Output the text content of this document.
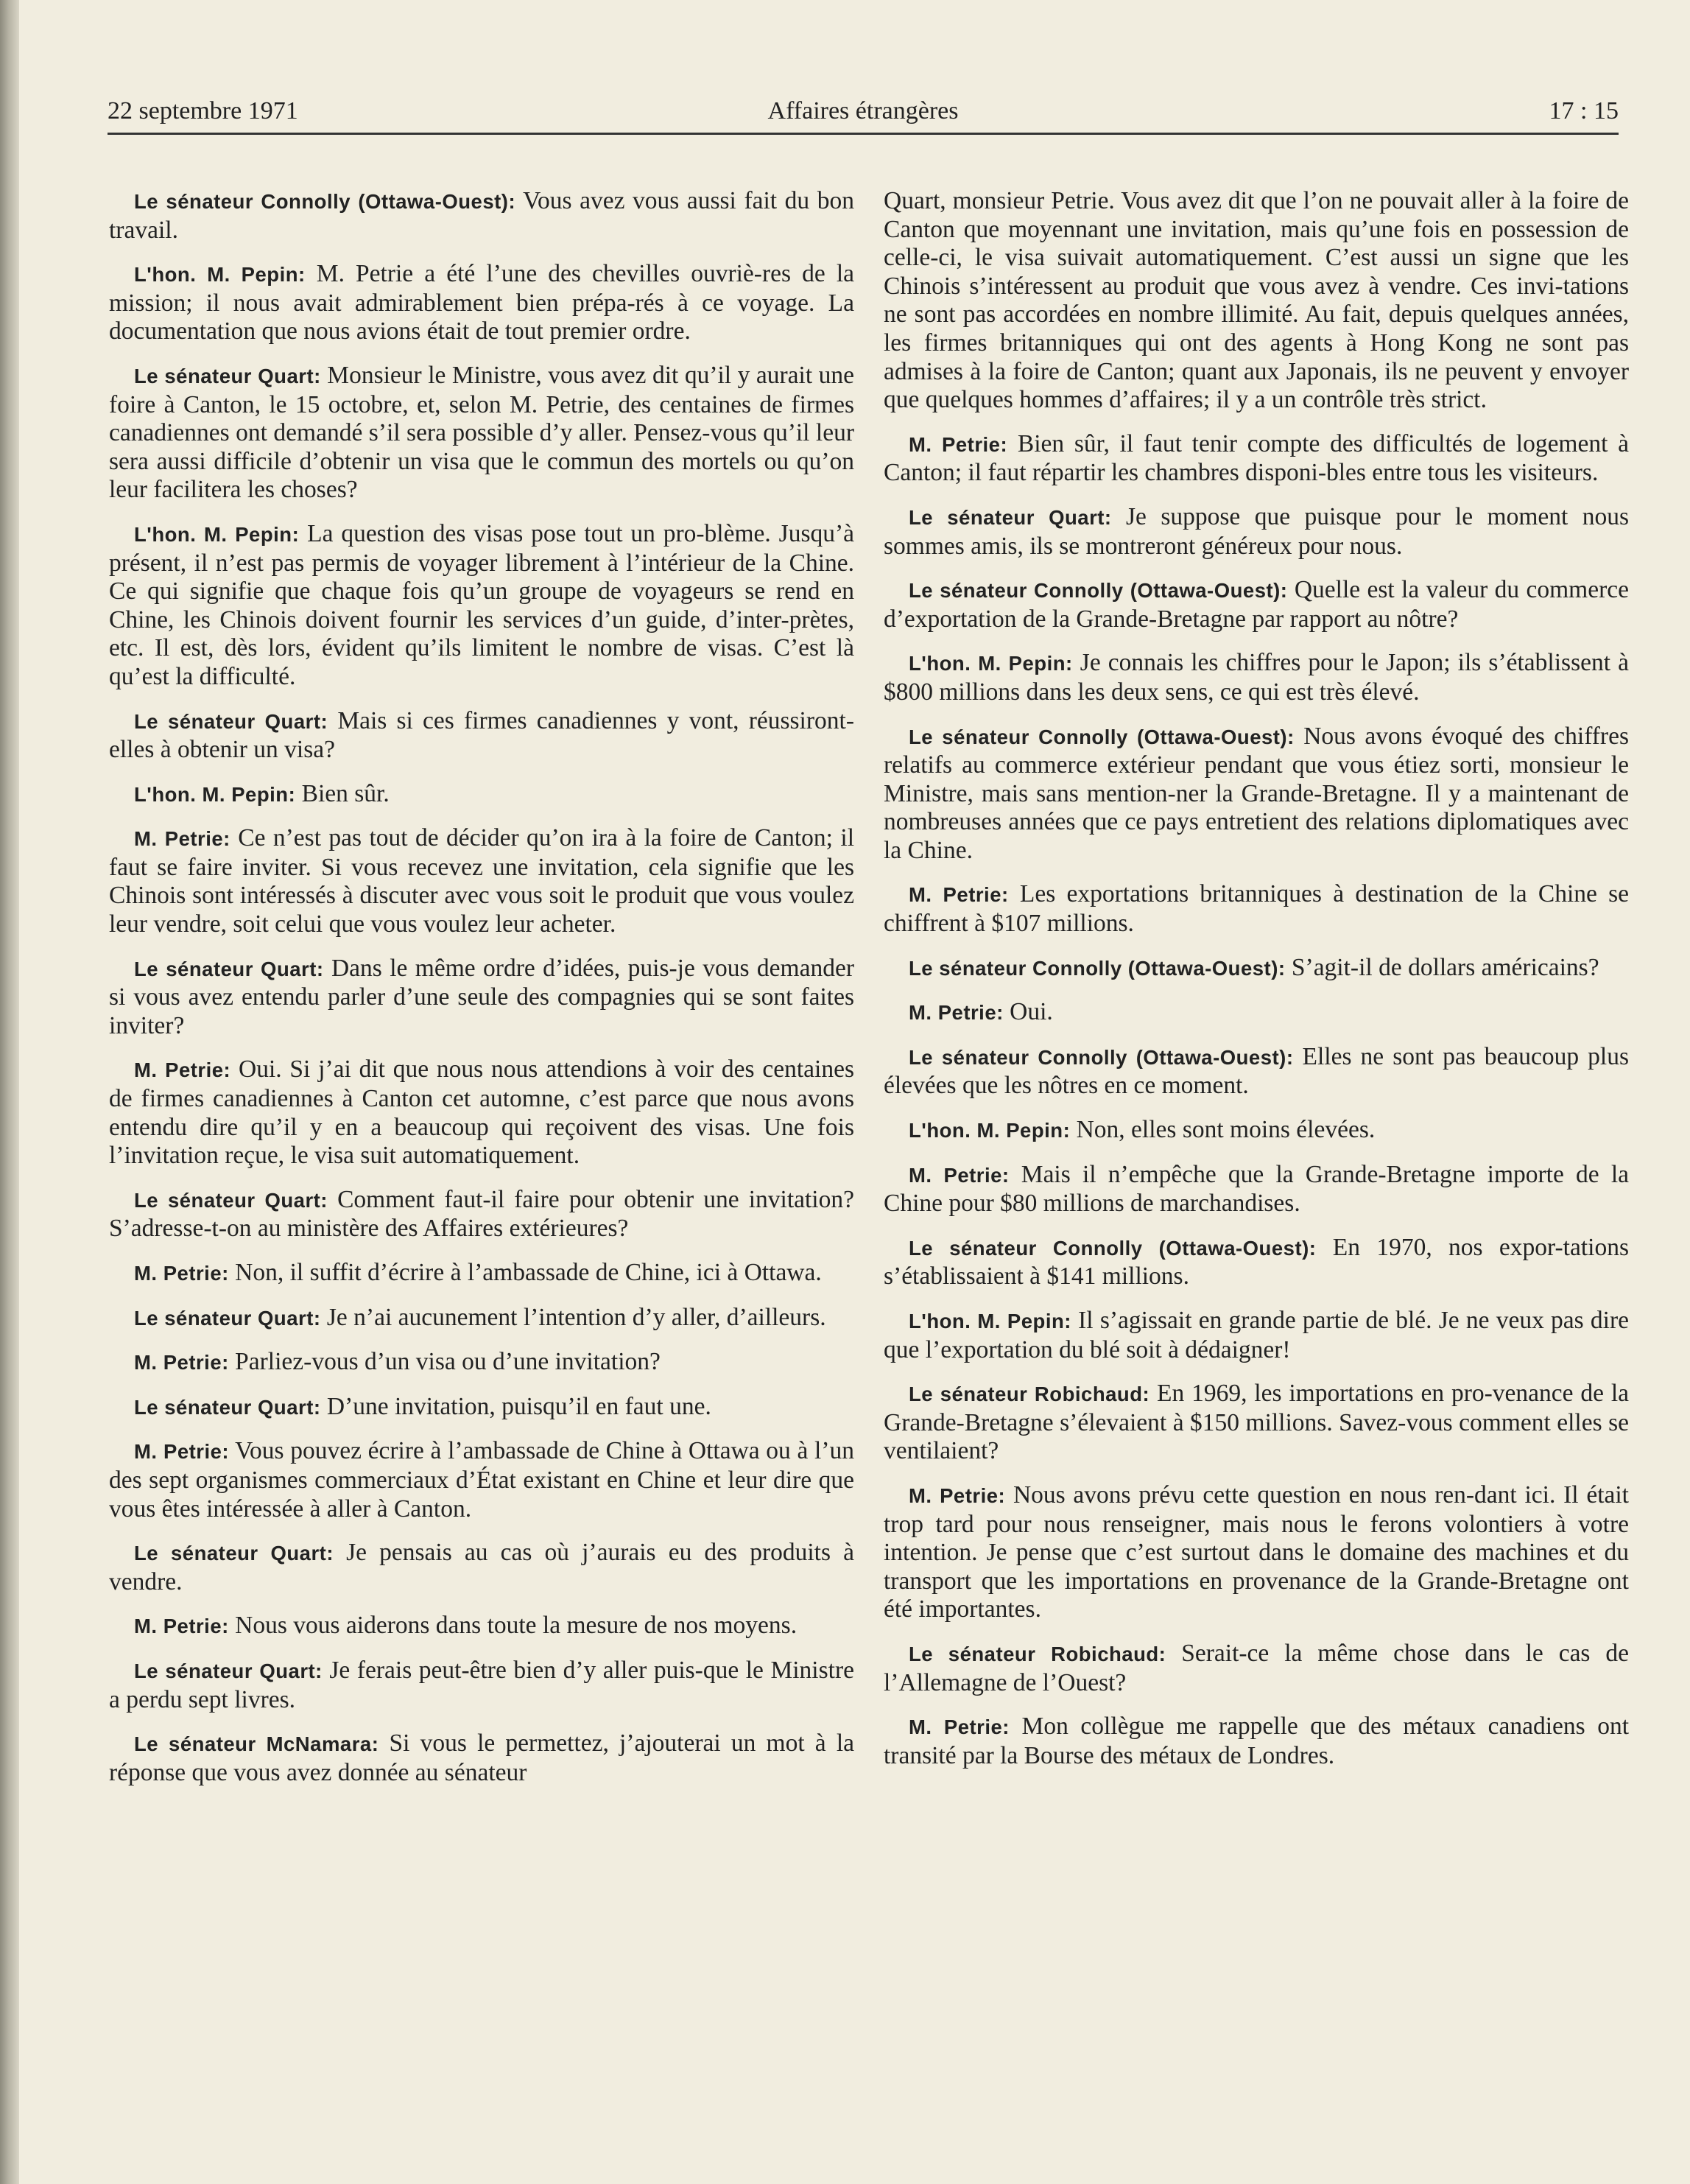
22 septembre 1971	Affaires étrangères	17 : 15

Le sénateur Connolly (Ottawa-Ouest): Vous avez vous aussi fait du bon travail.

L'hon. M. Pepin: M. Petrie a été l’une des chevilles ouvriè-res de la mission; il nous avait admirablement bien prépa-rés à ce voyage. La documentation que nous avions était de tout premier ordre.

Le sénateur Quart: Monsieur le Ministre, vous avez dit qu’il y aurait une foire à Canton, le 15 octobre, et, selon M. Petrie, des centaines de firmes canadiennes ont demandé s’il sera possible d’y aller. Pensez-vous qu’il leur sera aussi difficile d’obtenir un visa que le commun des mortels ou qu’on leur facilitera les choses?

L'hon. M. Pepin: La question des visas pose tout un pro-blème. Jusqu’à présent, il n’est pas permis de voyager librement à l’intérieur de la Chine. Ce qui signifie que chaque fois qu’un groupe de voyageurs se rend en Chine, les Chinois doivent fournir les services d’un guide, d’inter-prètes, etc. Il est, dès lors, évident qu’ils limitent le nombre de visas. C’est là qu’est la difficulté.

Le sénateur Quart: Mais si ces firmes canadiennes y vont, réussiront-elles à obtenir un visa?

L'hon. M. Pepin: Bien sûr.

M. Petrie: Ce n’est pas tout de décider qu’on ira à la foire de Canton; il faut se faire inviter. Si vous recevez une invitation, cela signifie que les Chinois sont intéressés à discuter avec vous soit le produit que vous voulez leur vendre, soit celui que vous voulez leur acheter.

Le sénateur Quart: Dans le même ordre d’idées, puis-je vous demander si vous avez entendu parler d’une seule des compagnies qui se sont faites inviter?

M. Petrie: Oui. Si j’ai dit que nous nous attendions à voir des centaines de firmes canadiennes à Canton cet automne, c’est parce que nous avons entendu dire qu’il y en a beaucoup qui reçoivent des visas. Une fois l’invitation reçue, le visa suit automatiquement.

Le sénateur Quart: Comment faut-il faire pour obtenir une invitation? S’adresse-t-on au ministère des Affaires extérieures?

M. Petrie: Non, il suffit d’écrire à l’ambassade de Chine, ici à Ottawa.

Le sénateur Quart: Je n’ai aucunement l’intention d’y aller, d’ailleurs.

M. Petrie: Parliez-vous d’un visa ou d’une invitation?

Le sénateur Quart: D’une invitation, puisqu’il en faut une.

M. Petrie: Vous pouvez écrire à l’ambassade de Chine à Ottawa ou à l’un des sept organismes commerciaux d’État existant en Chine et leur dire que vous êtes intéressée à aller à Canton.

Le sénateur Quart: Je pensais au cas où j’aurais eu des produits à vendre.

M. Petrie: Nous vous aiderons dans toute la mesure de nos moyens.

Le sénateur Quart: Je ferais peut-être bien d’y aller puis-que le Ministre a perdu sept livres.

Le sénateur McNamara: Si vous le permettez, j’ajouterai un mot à la réponse que vous avez donnée au sénateur

Quart, monsieur Petrie. Vous avez dit que l’on ne pouvait aller à la foire de Canton que moyennant une invitation, mais qu’une fois en possession de celle-ci, le visa suivait automatiquement. C’est aussi un signe que les Chinois s’intéressent au produit que vous avez à vendre. Ces invi-tations ne sont pas accordées en nombre illimité. Au fait, depuis quelques années, les firmes britanniques qui ont des agents à Hong Kong ne sont pas admises à la foire de Canton; quant aux Japonais, ils ne peuvent y envoyer que quelques hommes d’affaires; il y a un contrôle très strict.

M. Petrie: Bien sûr, il faut tenir compte des difficultés de logement à Canton; il faut répartir les chambres disponi-bles entre tous les visiteurs.

Le sénateur Quart: Je suppose que puisque pour le moment nous sommes amis, ils se montreront généreux pour nous.

Le sénateur Connolly (Ottawa-Ouest): Quelle est la valeur du commerce d’exportation de la Grande-Bretagne par rapport au nôtre?

L'hon. M. Pepin: Je connais les chiffres pour le Japon; ils s’établissent à $800 millions dans les deux sens, ce qui est très élevé.

Le sénateur Connolly (Ottawa-Ouest): Nous avons évoqué des chiffres relatifs au commerce extérieur pendant que vous étiez sorti, monsieur le Ministre, mais sans mention-ner la Grande-Bretagne. Il y a maintenant de nombreuses années que ce pays entretient des relations diplomatiques avec la Chine.

M. Petrie: Les exportations britanniques à destination de la Chine se chiffrent à $107 millions.

Le sénateur Connolly (Ottawa-Ouest): S’agit-il de dollars américains?

M. Petrie: Oui.

Le sénateur Connolly (Ottawa-Ouest): Elles ne sont pas beaucoup plus élevées que les nôtres en ce moment.

L'hon. M. Pepin: Non, elles sont moins élevées.

M. Petrie: Mais il n’empêche que la Grande-Bretagne importe de la Chine pour $80 millions de marchandises.

Le sénateur Connolly (Ottawa-Ouest): En 1970, nos expor-tations s’établissaient à $141 millions.

L'hon. M. Pepin: Il s’agissait en grande partie de blé. Je ne veux pas dire que l’exportation du blé soit à dédaigner!

Le sénateur Robichaud: En 1969, les importations en pro-venance de la Grande-Bretagne s’élevaient à $150 millions. Savez-vous comment elles se ventilaient?

M. Petrie: Nous avons prévu cette question en nous ren-dant ici. Il était trop tard pour nous renseigner, mais nous le ferons volontiers à votre intention. Je pense que c’est surtout dans le domaine des machines et du transport que les importations en provenance de la Grande-Bretagne ont été importantes.

Le sénateur Robichaud: Serait-ce la même chose dans le cas de l’Allemagne de l’Ouest?

M. Petrie: Mon collègue me rappelle que des métaux canadiens ont transité par la Bourse des métaux de Londres.
